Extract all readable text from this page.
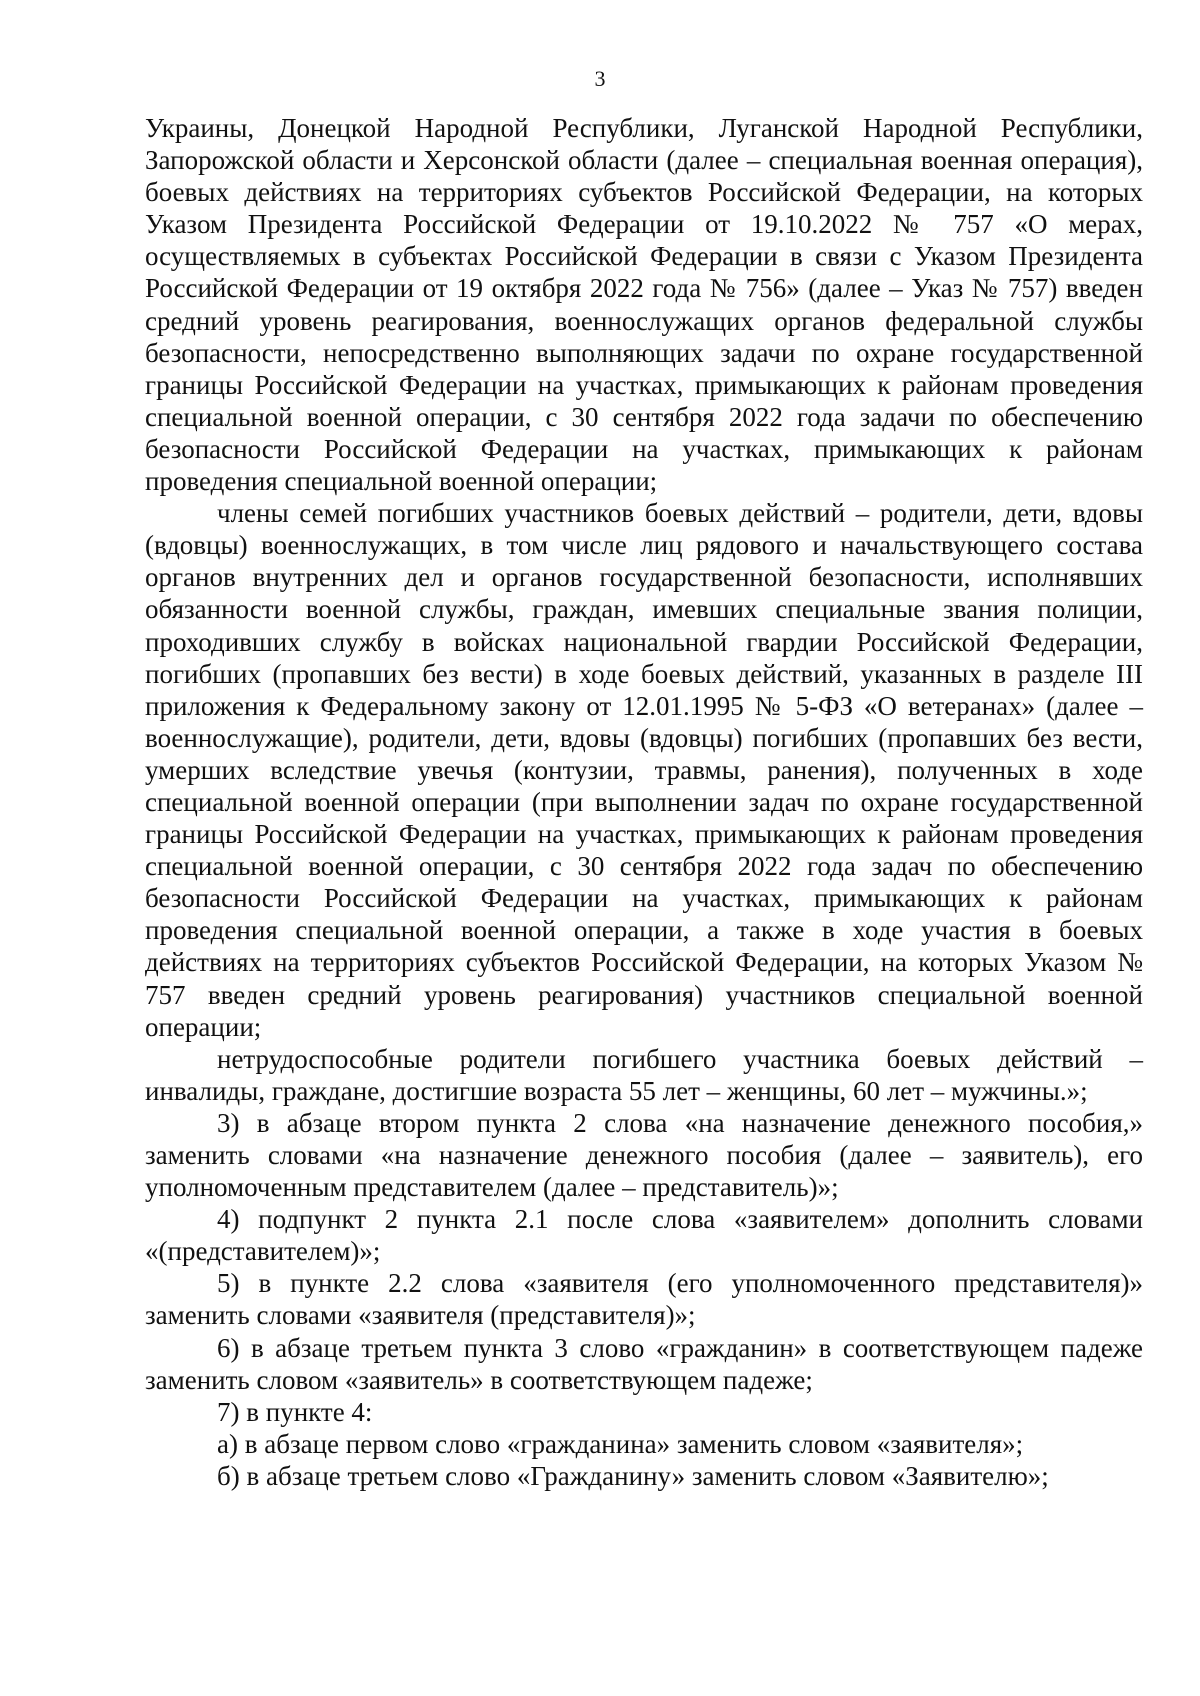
3

Украины, Донецкой Народной Республики, Луганской Народной Республики, Запорожской области и Херсонской области (далее – специальная военная операция), боевых действиях на территориях субъектов Российской Федерации, на которых Указом Президента Российской Федерации от 19.10.2022 № 757 «О мерах, осуществляемых в субъектах Российской Федерации в связи с Указом Президента Российской Федерации от 19 октября 2022 года № 756» (далее – Указ № 757) введен средний уровень реагирования, военнослужащих органов федеральной службы безопасности, непосредственно выполняющих задачи по охране государственной границы Российской Федерации на участках, примыкающих к районам проведения специальной военной операции, с 30 сентября 2022 года задачи по обеспечению безопасности Российской Федерации на участках, примыкающих к районам проведения специальной военной операции;

члены семей погибших участников боевых действий – родители, дети, вдовы (вдовцы) военнослужащих, в том числе лиц рядового и начальствующего состава органов внутренних дел и органов государственной безопасности, исполнявших обязанности военной службы, граждан, имевших специальные звания полиции, проходивших службу в войсках национальной гвардии Российской Федерации, погибших (пропавших без вести) в ходе боевых действий, указанных в разделе III приложения к Федеральному закону от 12.01.1995 № 5-ФЗ «О ветеранах» (далее – военнослужащие), родители, дети, вдовы (вдовцы) погибших (пропавших без вести, умерших вследствие увечья (контузии, травмы, ранения), полученных в ходе специальной военной операции (при выполнении задач по охране государственной границы Российской Федерации на участках, примыкающих к районам проведения специальной военной операции, с 30 сентября 2022 года задач по обеспечению безопасности Российской Федерации на участках, примыкающих к районам проведения специальной военной операции, а также в ходе участия в боевых действиях на территориях субъектов Российской Федерации, на которых Указом № 757 введен средний уровень реагирования) участников специальной военной операции;

нетрудоспособные родители погибшего участника боевых действий – инвалиды, граждане, достигшие возраста 55 лет – женщины, 60 лет – мужчины.»;

3) в абзаце втором пункта 2 слова «на назначение денежного пособия,» заменить словами «на назначение денежного пособия (далее – заявитель), его уполномоченным представителем (далее – представитель)»;

4) подпункт 2 пункта 2.1 после слова «заявителем» дополнить словами «(представителем)»;

5) в пункте 2.2 слова «заявителя (его уполномоченного представителя)» заменить словами «заявителя (представителя)»;

6) в абзаце третьем пункта 3 слово «гражданин» в соответствующем падеже заменить словом «заявитель» в соответствующем падеже;

7) в пункте 4:

а) в абзаце первом слово «гражданина» заменить словом «заявителя»;

б) в абзаце третьем слово «Гражданину» заменить словом «Заявителю»;
